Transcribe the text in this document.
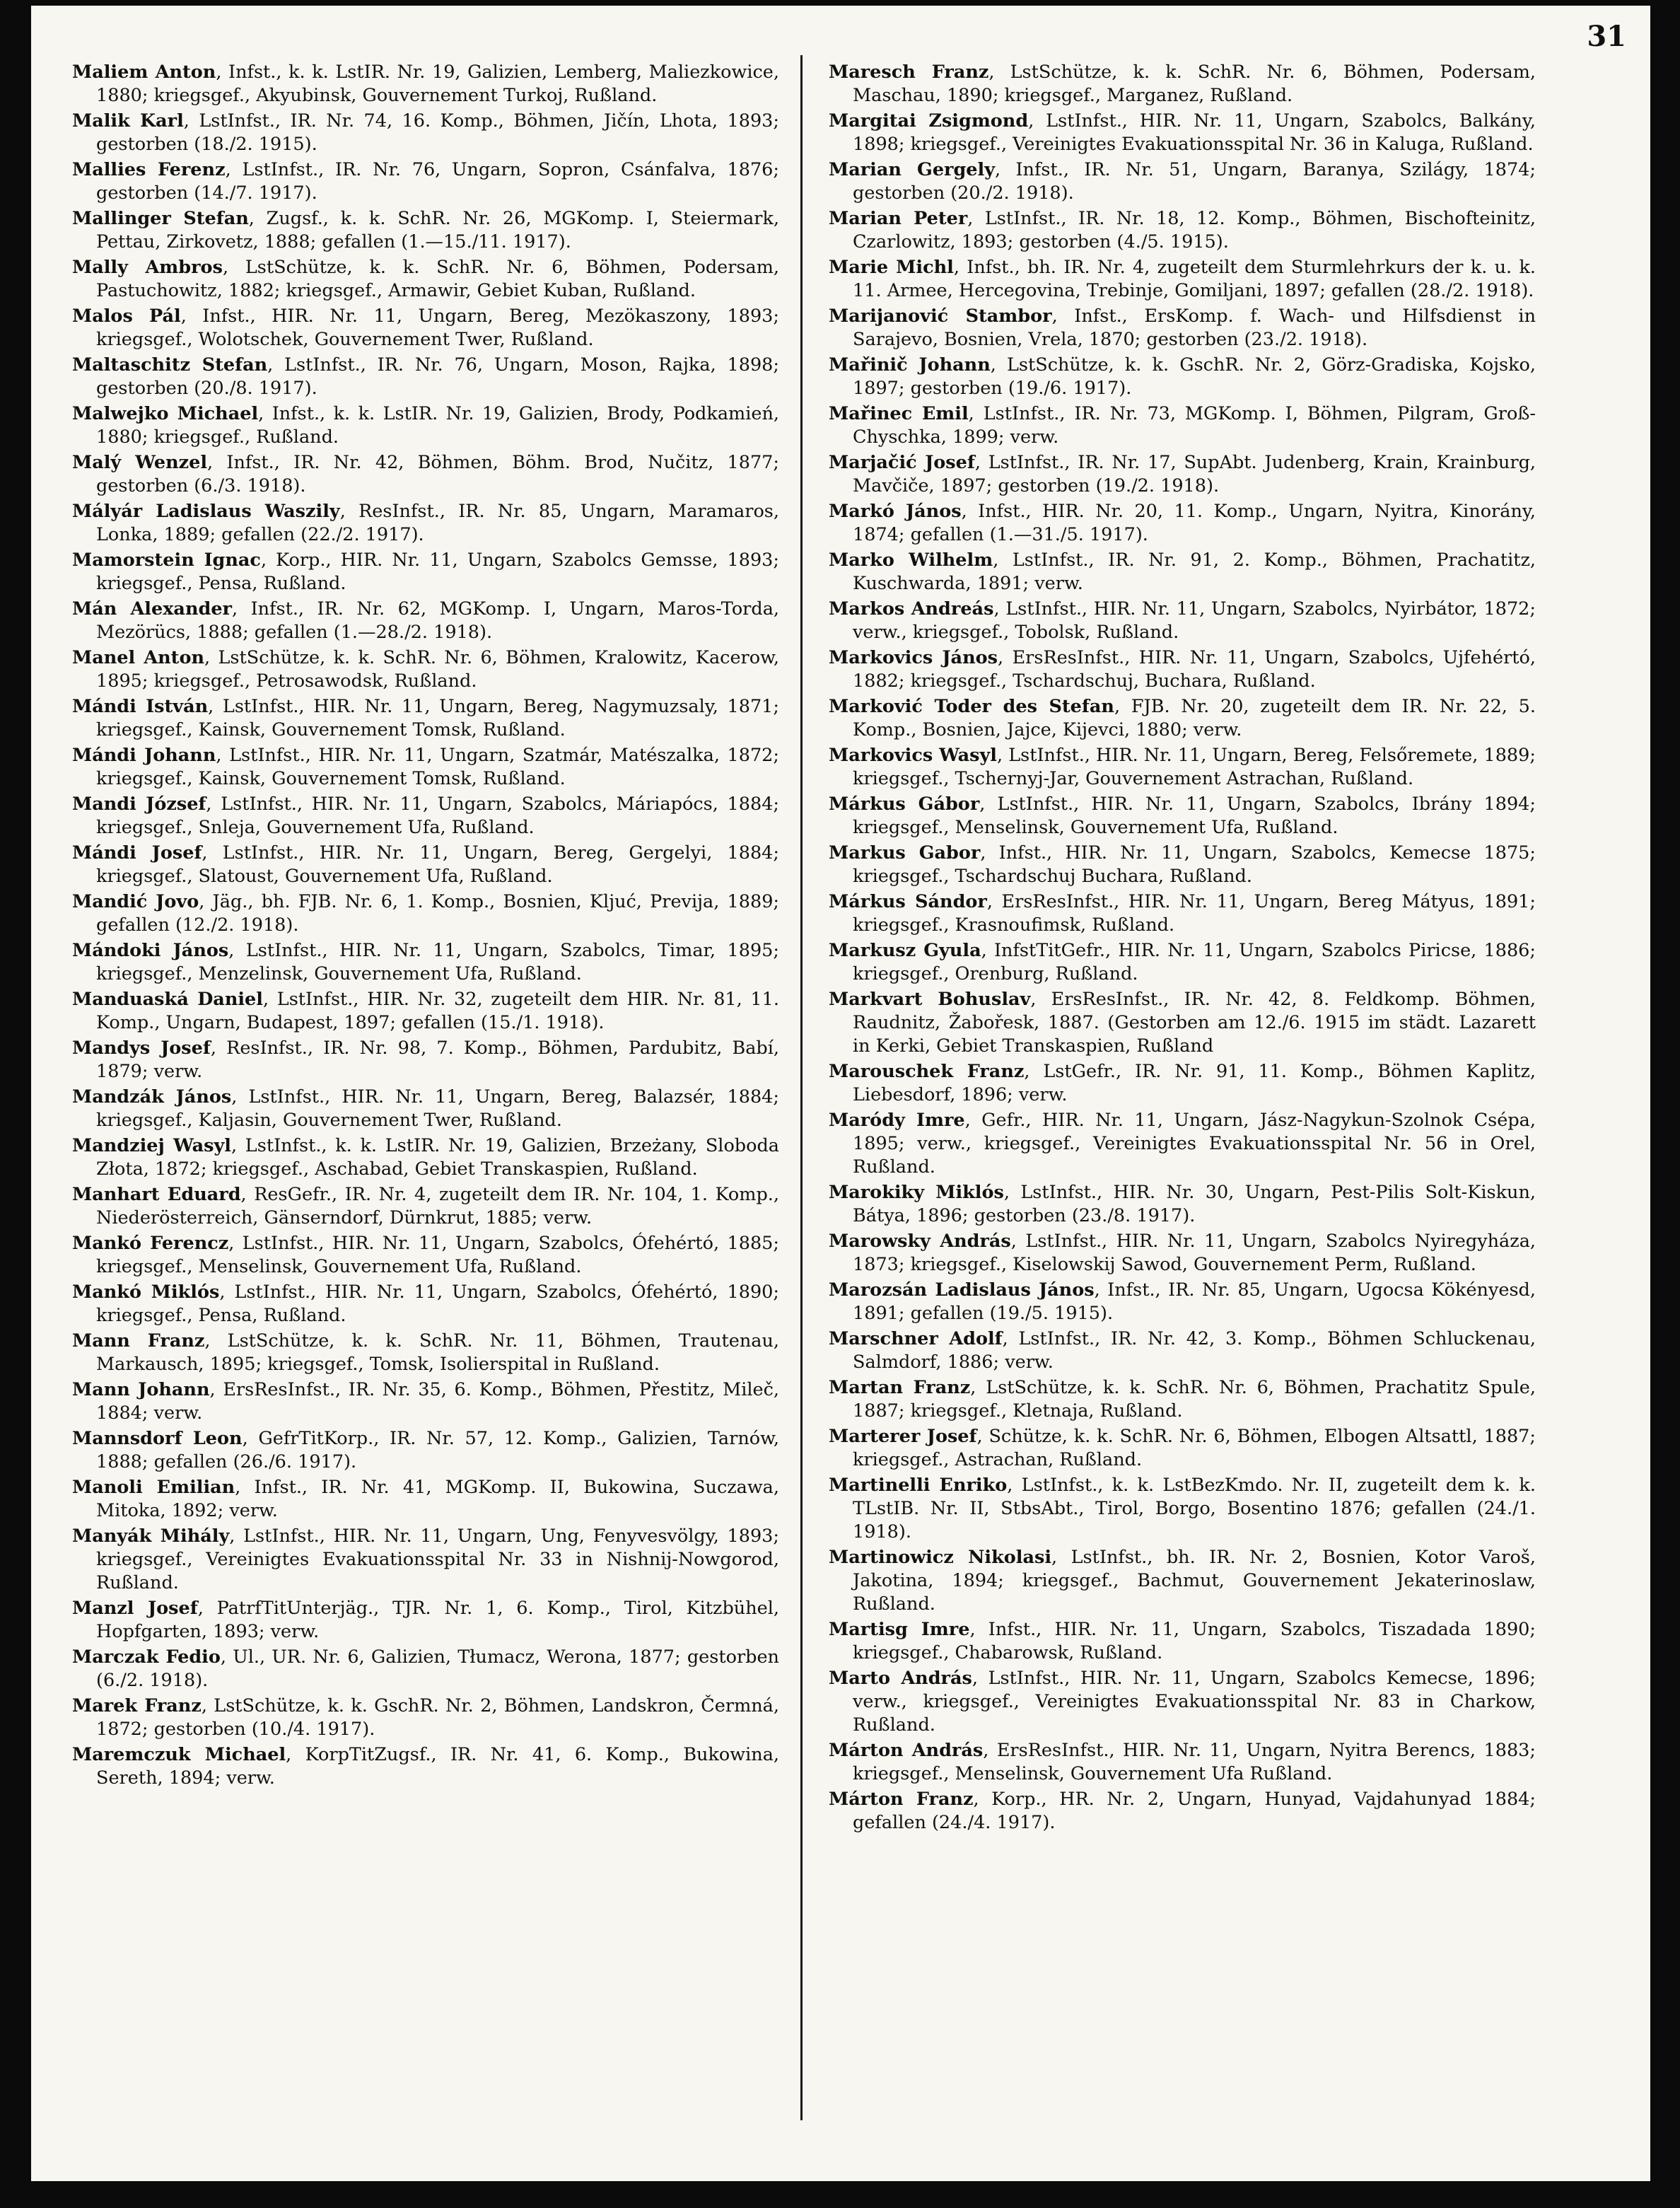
31

Maliem Anton, Infst., k. k. LstIR. Nr. 19, Galizien, Lemberg, Maliezkowice, 1880; kriegsgef., Akyubinsk, Gouvernement Turkoj, Rußland.

Malik Karl, LstInfst., IR. Nr. 74, 16. Komp., Böhmen, Jičín, Lhota, 1893; gestorben (18./2. 1915).

Mallies Ferenz, LstInfst., IR. Nr. 76, Ungarn, Sopron, Csánfalva, 1876; gestorben (14./7. 1917).

Mallinger Stefan, Zugsf., k. k. SchR. Nr. 26, MGKomp. I, Steiermark, Pettau, Zirkovetz, 1888; gefallen (1.—15./11. 1917).

Mally Ambros, LstSchütze, k. k. SchR. Nr. 6, Böhmen, Podersam, Pastuchowitz, 1882; kriegsgef., Armawir, Gebiet Kuban, Rußland.

Malos Pál, Infst., HIR. Nr. 11, Ungarn, Bereg, Mezökaszony, 1893; kriegsgef., Wolotschek, Gouvernement Twer, Rußland.

Maltaschitz Stefan, LstInfst., IR. Nr. 76, Ungarn, Moson, Rajka, 1898; gestorben (20./8. 1917).

Malwejko Michael, Infst., k. k. LstIR. Nr. 19, Galizien, Brody, Podkamień, 1880; kriegsgef., Rußland.

Malý Wenzel, Infst., IR. Nr. 42, Böhmen, Böhm. Brod, Nučitz, 1877; gestorben (6./3. 1918).

Mályár Ladislaus Waszily, ResInfst., IR. Nr. 85, Ungarn, Maramaros, Lonka, 1889; gefallen (22./2. 1917).

Mamorstein Ignac, Korp., HIR. Nr. 11, Ungarn, Szabolcs Gemsse, 1893; kriegsgef., Pensa, Rußland.

Mán Alexander, Infst., IR. Nr. 62, MGKomp. I, Ungarn, Maros-Torda, Mezörücs, 1888; gefallen (1.—28./2. 1918).

Manel Anton, LstSchütze, k. k. SchR. Nr. 6, Böhmen, Kralowitz, Kacerow, 1895; kriegsgef., Petrosawodsk, Rußland.

Mándi István, LstInfst., HIR. Nr. 11, Ungarn, Bereg, Nagymuzsaly, 1871; kriegsgef., Kainsk, Gouvernement Tomsk, Rußland.

Mándi Johann, LstInfst., HIR. Nr. 11, Ungarn, Szatmár, Matészalka, 1872; kriegsgef., Kainsk, Gouvernement Tomsk, Rußland.

Mandi József, LstInfst., HIR. Nr. 11, Ungarn, Szabolcs, Máriapócs, 1884; kriegsgef., Snleja, Gouvernement Ufa, Rußland.

Mándi Josef, LstInfst., HIR. Nr. 11, Ungarn, Bereg, Gergelyi, 1884; kriegsgef., Slatoust, Gouvernement Ufa, Rußland.

Mandić Jovo, Jäg., bh. FJB. Nr. 6, 1. Komp., Bosnien, Kljuć, Previja, 1889; gefallen (12./2. 1918).

Mándoki János, LstInfst., HIR. Nr. 11, Ungarn, Szabolcs, Timar, 1895; kriegsgef., Menzelinsk, Gouvernement Ufa, Rußland.

Manduaská Daniel, LstInfst., HIR. Nr. 32, zugeteilt dem HIR. Nr. 81, 11. Komp., Ungarn, Budapest, 1897; gefallen (15./1. 1918).

Mandys Josef, ResInfst., IR. Nr. 98, 7. Komp., Böhmen, Pardubitz, Babí, 1879; verw.

Mandzák János, LstInfst., HIR. Nr. 11, Ungarn, Bereg, Balazsér, 1884; kriegsgef., Kaljasin, Gouvernement Twer, Rußland.

Mandziej Wasyl, LstInfst., k. k. LstIR. Nr. 19, Galizien, Brzeżany, Sloboda Złota, 1872; kriegsgef., Aschabad, Gebiet Transkaspien, Rußland.

Manhart Eduard, ResGefr., IR. Nr. 4, zugeteilt dem IR. Nr. 104, 1. Komp., Niederösterreich, Gänserndorf, Dürnkrut, 1885; verw.

Mankó Ferencz, LstInfst., HIR. Nr. 11, Ungarn, Szabolcs, Ófehértó, 1885; kriegsgef., Menselinsk, Gouvernement Ufa, Rußland.

Mankó Miklós, LstInfst., HIR. Nr. 11, Ungarn, Szabolcs, Ófehértó, 1890; kriegsgef., Pensa, Rußland.

Mann Franz, LstSchütze, k. k. SchR. Nr. 11, Böhmen, Trautenau, Markausch, 1895; kriegsgef., Tomsk, Isolierspital in Rußland.

Mann Johann, ErsResInfst., IR. Nr. 35, 6. Komp., Böhmen, Přestitz, Mileč, 1884; verw.

Mannsdorf Leon, GefrTitKorp., IR. Nr. 57, 12. Komp., Galizien, Tarnów, 1888; gefallen (26./6. 1917).

Manoli Emilian, Infst., IR. Nr. 41, MGKomp. II, Bukowina, Suczawa, Mitoka, 1892; verw.

Manyák Mihály, LstInfst., HIR. Nr. 11, Ungarn, Ung, Fenyvesvölgy, 1893; kriegsgef., Vereinigtes Evakuationsspital Nr. 33 in Nishnij-Nowgorod, Rußland.

Manzl Josef, PatrfTitUnterjäg., TJR. Nr. 1, 6. Komp., Tirol, Kitzbühel, Hopfgarten, 1893; verw.

Marczak Fedio, Ul., UR. Nr. 6, Galizien, Tłumacz, Werona, 1877; gestorben (6./2. 1918).

Marek Franz, LstSchütze, k. k. GschR. Nr. 2, Böhmen, Landskron, Čermná, 1872; gestorben (10./4. 1917).

Maremczuk Michael, KorpTitZugsf., IR. Nr. 41, 6. Komp., Bukowina, Sereth, 1894; verw.

Maresch Franz, LstSchütze, k. k. SchR. Nr. 6, Böhmen, Podersam, Maschau, 1890; kriegsgef., Marganez, Rußland.

Margitai Zsigmond, LstInfst., HIR. Nr. 11, Ungarn, Szabolcs, Balkány, 1898; kriegsgef., Vereinigtes Evakuationsspital Nr. 36 in Kaluga, Rußland.

Marian Gergely, Infst., IR. Nr. 51, Ungarn, Baranya, Szilágy, 1874; gestorben (20./2. 1918).

Marian Peter, LstInfst., IR. Nr. 18, 12. Komp., Böhmen, Bischofteinitz, Czarlowitz, 1893; gestorben (4./5. 1915).

Marie Michl, Infst., bh. IR. Nr. 4, zugeteilt dem Sturmlehrkurs der k. u. k. 11. Armee, Hercegovina, Trebinje, Gomiljani, 1897; gefallen (28./2. 1918).

Marijanović Stambor, Infst., ErsKomp. f. Wach- und Hilfsdienst in Sarajevo, Bosnien, Vrela, 1870; gestorben (23./2. 1918).

Mařinič Johann, LstSchütze, k. k. GschR. Nr. 2, Görz-Gradiska, Kojsko, 1897; gestorben (19./6. 1917).

Mařinec Emil, LstInfst., IR. Nr. 73, MGKomp. I, Böhmen, Pilgram, Groß-Chyschka, 1899; verw.

Marjačić Josef, LstInfst., IR. Nr. 17, SupAbt. Judenberg, Krain, Krainburg, Mavčiče, 1897; gestorben (19./2. 1918).

Markó János, Infst., HIR. Nr. 20, 11. Komp., Ungarn, Nyitra, Kinorány, 1874; gefallen (1.—31./5. 1917).

Marko Wilhelm, LstInfst., IR. Nr. 91, 2. Komp., Böhmen, Prachatitz, Kuschwarda, 1891; verw.

Markos Andreás, LstInfst., HIR. Nr. 11, Ungarn, Szabolcs, Nyirbátor, 1872; verw., kriegsgef., Tobolsk, Rußland.

Markovics János, ErsResInfst., HIR. Nr. 11, Ungarn, Szabolcs, Ujfehértó, 1882; kriegsgef., Tschardschuj, Buchara, Rußland.

Marković Toder des Stefan, FJB. Nr. 20, zugeteilt dem IR. Nr. 22, 5. Komp., Bosnien, Jajce, Kijevci, 1880; verw.

Markovics Wasyl, LstInfst., HIR. Nr. 11, Ungarn, Bereg, Felsőremete, 1889; kriegsgef., Tschernyj-Jar, Gouvernement Astrachan, Rußland.

Márkus Gábor, LstInfst., HIR. Nr. 11, Ungarn, Szabolcs, Ibrány 1894; kriegsgef., Menselinsk, Gouvernement Ufa, Rußland.

Markus Gabor, Infst., HIR. Nr. 11, Ungarn, Szabolcs, Kemecse 1875; kriegsgef., Tschardschuj Buchara, Rußland.

Márkus Sándor, ErsResInfst., HIR. Nr. 11, Ungarn, Bereg Mátyus, 1891; kriegsgef., Krasnoufimsk, Rußland.

Markusz Gyula, InfstTitGefr., HIR. Nr. 11, Ungarn, Szabolcs Piricse, 1886; kriegsgef., Orenburg, Rußland.

Markvart Bohuslav, ErsResInfst., IR. Nr. 42, 8. Feldkomp. Böhmen, Raudnitz, Žabořesk, 1887. (Gestorben am 12./6. 1915 im städt. Lazarett in Kerki, Gebiet Transkaspien, Rußland

Marouschek Franz, LstGefr., IR. Nr. 91, 11. Komp., Böhmen Kaplitz, Liebesdorf, 1896; verw.

Maródy Imre, Gefr., HIR. Nr. 11, Ungarn, Jász-Nagykun-Szolnok Csépa, 1895; verw., kriegsgef., Vereinigtes Evakuationsspital Nr. 56 in Orel, Rußland.

Marokiky Miklós, LstInfst., HIR. Nr. 30, Ungarn, Pest-Pilis Solt-Kiskun, Bátya, 1896; gestorben (23./8. 1917).

Marowsky András, LstInfst., HIR. Nr. 11, Ungarn, Szabolcs Nyiregyháza, 1873; kriegsgef., Kiselowskij Sawod, Gouvernement Perm, Rußland.

Marozsán Ladislaus János, Infst., IR. Nr. 85, Ungarn, Ugocsa Kökényesd, 1891; gefallen (19./5. 1915).

Marschner Adolf, LstInfst., IR. Nr. 42, 3. Komp., Böhmen Schluckenau, Salmdorf, 1886; verw.

Martan Franz, LstSchütze, k. k. SchR. Nr. 6, Böhmen, Prachatitz Spule, 1887; kriegsgef., Kletnaja, Rußland.

Marterer Josef, Schütze, k. k. SchR. Nr. 6, Böhmen, Elbogen Altsattl, 1887; kriegsgef., Astrachan, Rußland.

Martinelli Enriko, LstInfst., k. k. LstBezKmdo. Nr. II, zugeteilt dem k. k. TLstIB. Nr. II, StbsAbt., Tirol, Borgo, Bosentino 1876; gefallen (24./1. 1918).

Martinowicz Nikolasi, LstInfst., bh. IR. Nr. 2, Bosnien, Kotor Varoš, Jakotina, 1894; kriegsgef., Bachmut, Gouvernement Jekaterinoslaw, Rußland.

Martisg Imre, Infst., HIR. Nr. 11, Ungarn, Szabolcs, Tiszadada 1890; kriegsgef., Chabarowsk, Rußland.

Marto András, LstInfst., HIR. Nr. 11, Ungarn, Szabolcs Kemecse, 1896; verw., kriegsgef., Vereinigtes Evakuationsspital Nr. 83 in Charkow, Rußland.

Márton András, ErsResInfst., HIR. Nr. 11, Ungarn, Nyitra Berencs, 1883; kriegsgef., Menselinsk, Gouvernement Ufa Rußland.

Márton Franz, Korp., HR. Nr. 2, Ungarn, Hunyad, Vajdahunyad 1884; gefallen (24./4. 1917).
